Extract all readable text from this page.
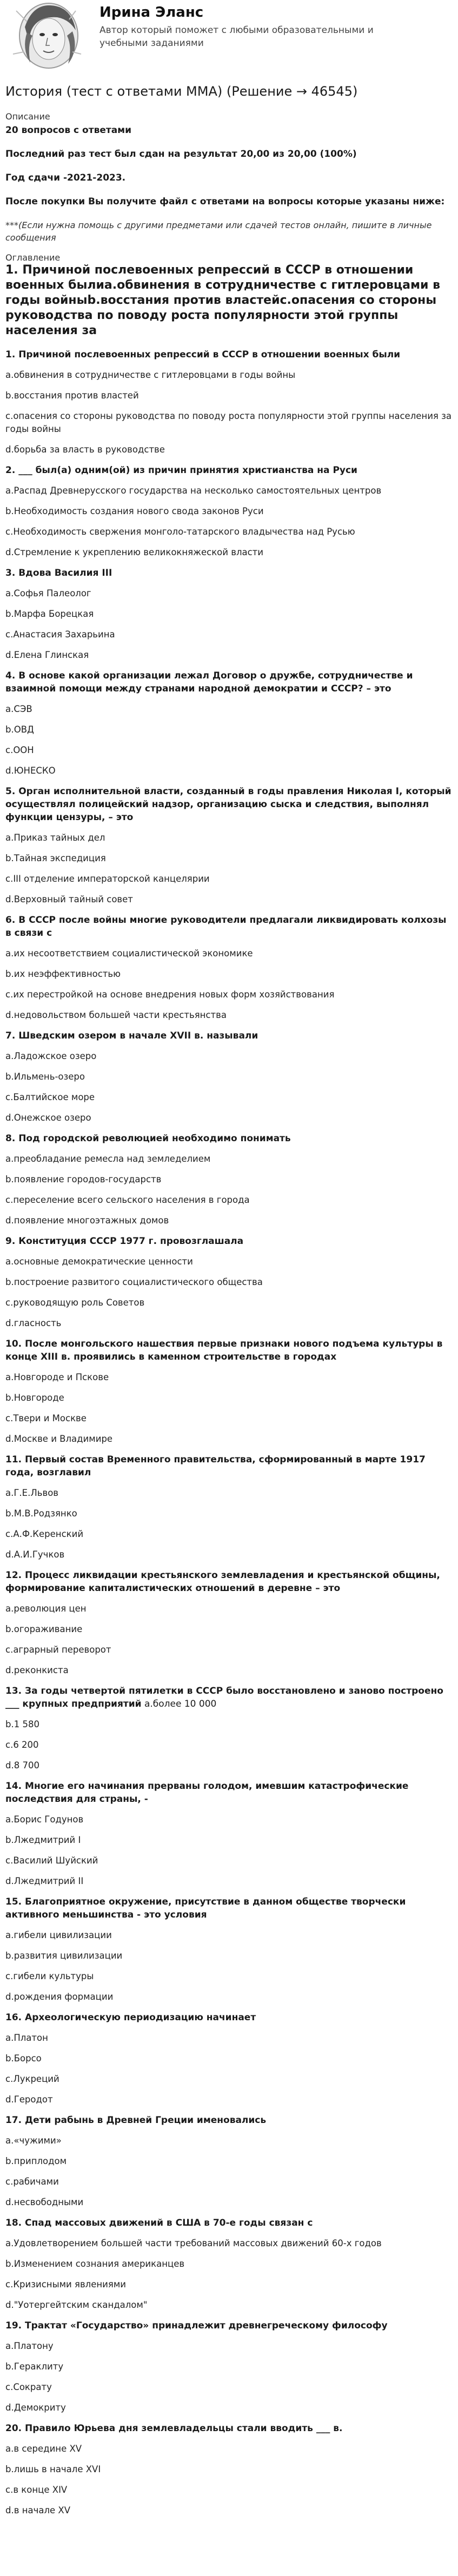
Ирина Эланс
Автор который поможет с любыми образовательными и учебными заданиями
История (тест с ответами ММА) (Решение → 46545)
Описание
20 вопросов с ответами
Последний раз тест был сдан на результат 20,00 из 20,00 (100%)
Год сдачи -2021-2023.
После покупки Вы получите файл с ответами на вопросы которые указаны ниже:
***(Если нужна помощь с другими предметами или сдачей тестов онлайн, пишите в личные сообщения
Оглавление
1. Причиной послевоенных репрессий в СССР в отношении военных былиа.обвинения в сотрудничестве с гитлеровцами в годы войныb.восстания против властейc.опасения со стороны руководства по поводу роста популярности этой группы населения за
1. Причиной послевоенных репрессий в СССР в отношении военных были
a.обвинения в сотрудничестве с гитлеровцами в годы войны
b.восстания против властей
c.опасения со стороны руководства по поводу роста популярности этой группы населения за годы войны
d.борьба за власть в руководстве
2. ___ был(а) одним(ой) из причин принятия христианства на Руси
a.Распад Древнерусского государства на несколько самостоятельных центров
b.Необходимость создания нового свода законов Руси
c.Необходимость свержения монголо-татарского владычества над Русью
d.Стремление к укреплению великокняжеской власти
3. Вдова Василия III
a.Софья Палеолог
b.Марфа Борецкая
c.Анастасия Захарьина
d.Елена Глинская
4. В основе какой организации лежал Договор о дружбе, сотрудничестве и взаимной помощи между странами народной демократии и СССР? – это
a.СЭВ
b.ОВД
c.ООН
d.ЮНЕСКО
5. Орган исполнительной власти, созданный в годы правления Николая I, который осуществлял полицейский надзор, организацию сыска и следствия, выполнял функции цензуры, – это
a.Приказ тайных дел
b.Тайная экспедиция
c.III отделение императорской канцелярии
d.Верховный тайный совет
6. В СССР после войны многие руководители предлагали ликвидировать колхозы в связи с
a.их несоответствием социалистической экономике
b.их неэффективностью
c.их перестройкой на основе внедрения новых форм хозяйствования
d.недовольством большей части крестьянства
7. Шведским озером в начале XVII в. называли
a.Ладожское озеро
b.Ильмень-озеро
c.Балтийское море
d.Онежское озеро
8. Под городской революцией необходимо понимать
a.преобладание ремесла над земледелием
b.появление городов-государств
c.переселение всего сельского населения в города
d.появление многоэтажных домов
9. Конституция СССР 1977 г. провозглашала
a.основные демократические ценности
b.построение развитого социалистического общества
c.руководящую роль Советов
d.гласность
10. После монгольского нашествия первые признаки нового подъема культуры в конце XIII в. проявились в каменном строительстве в городах
a.Новгороде и Пскове
b.Новгороде
c.Твери и Москве
d.Москве и Владимире
11. Первый состав Временного правительства, сформированный в марте 1917 года, возглавил
a.Г.Е.Львов
b.М.В.Родзянко
c.А.Ф.Керенский
d.А.И.Гучков
12. Процесс ликвидации крестьянского землевладения и крестьянской общины, формирование капиталистических отношений в деревне – это
a.революция цен
b.огораживание
c.аграрный переворот
d.реконкиста
13. За годы четвертой пятилетки в СССР было восстановлено и заново построено ___ крупных предприятий a.более 10 000
b.1 580
c.6 200
d.8 700
14. Многие его начинания прерваны голодом, имевшим катастрофические последствия для страны, -
a.Борис Годунов
b.Лжедмитрий I
c.Василий Шуйский
d.Лжедмитрий II
15. Благоприятное окружение, присутствие в данном обществе творчески активного меньшинства - это условия
a.гибели цивилизации
b.развития цивилизации
c.гибели культуры
d.рождения формации
16. Археологическую периодизацию начинает
a.Платон
b.Борсо
c.Лукреций
d.Геродот
17. Дети рабынь в Древней Греции именовались
a.«чужими»
b.приплодом
c.рабичами
d.несвободными
18. Спад массовых движений в США в 70-е годы связан с
a.Удовлетворением большей части требований массовых движений 60-х годов
b.Изменением сознания американцев
c.Кризисными явлениями
d."Уотергейтским скандалом"
19. Трактат «Государство» принадлежит древнегреческому философу
a.Платону
b.Гераклиту
c.Сократу
d.Демокриту
20. Правило Юрьева дня землевладельцы стали вводить ___ в.
a.в середине XV
b.лишь в начале XVI
c.в конце XIV
d.в начале XV
